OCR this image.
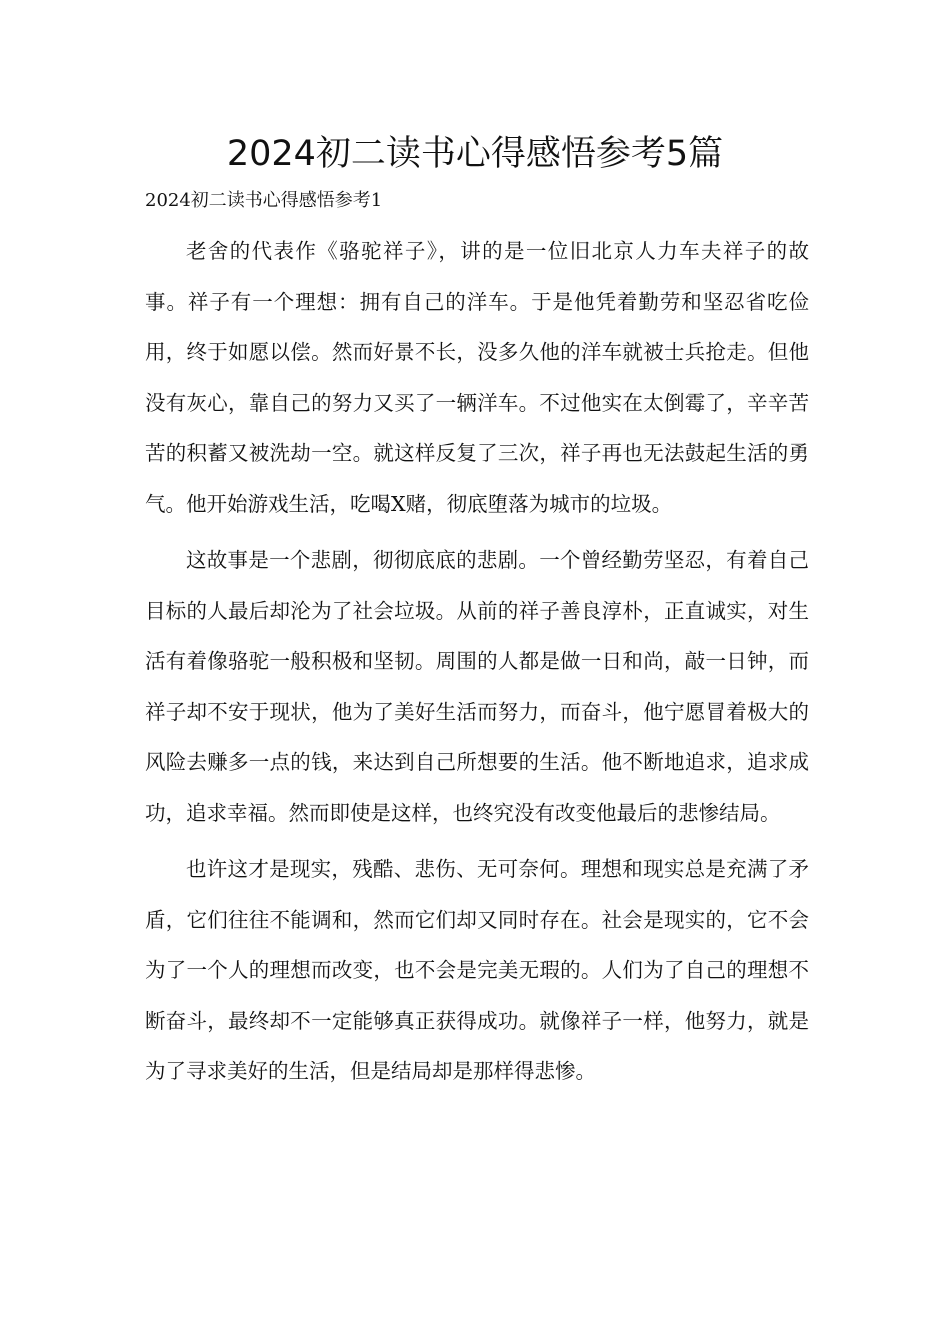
2024初二读书心得感悟参考5篇

2024初二读书心得感悟参考1

老舍的代表作《骆驼祥子》，讲的是一位旧北京人力车夫祥子的故事。祥子有一个理想：拥有自己的洋车。于是他凭着勤劳和坚忍省吃俭用，终于如愿以偿。然而好景不长，没多久他的洋车就被士兵抢走。但他没有灰心，靠自己的努力又买了一辆洋车。不过他实在太倒霉了，辛辛苦苦的积蓄又被洗劫一空。就这样反复了三次，祥子再也无法鼓起生活的勇气。他开始游戏生活，吃喝X赌，彻底堕落为城市的垃圾。

这故事是一个悲剧，彻彻底底的悲剧。一个曾经勤劳坚忍，有着自己目标的人最后却沦为了社会垃圾。从前的祥子善良淳朴，正直诚实，对生活有着像骆驼一般积极和坚韧。周围的人都是做一日和尚，敲一日钟，而祥子却不安于现状，他为了美好生活而努力，而奋斗，他宁愿冒着极大的风险去赚多一点的钱，来达到自己所想要的生活。他不断地追求，追求成功，追求幸福。然而即使是这样，也终究没有改变他最后的悲惨结局。

也许这才是现实，残酷、悲伤、无可奈何。理想和现实总是充满了矛盾，它们往往不能调和，然而它们却又同时存在。社会是现实的，它不会为了一个人的理想而改变，也不会是完美无瑕的。人们为了自己的理想不断奋斗，最终却不一定能够真正获得成功。就像祥子一样，他努力，就是为了寻求美好的生活，但是结局却是那样得悲惨。
